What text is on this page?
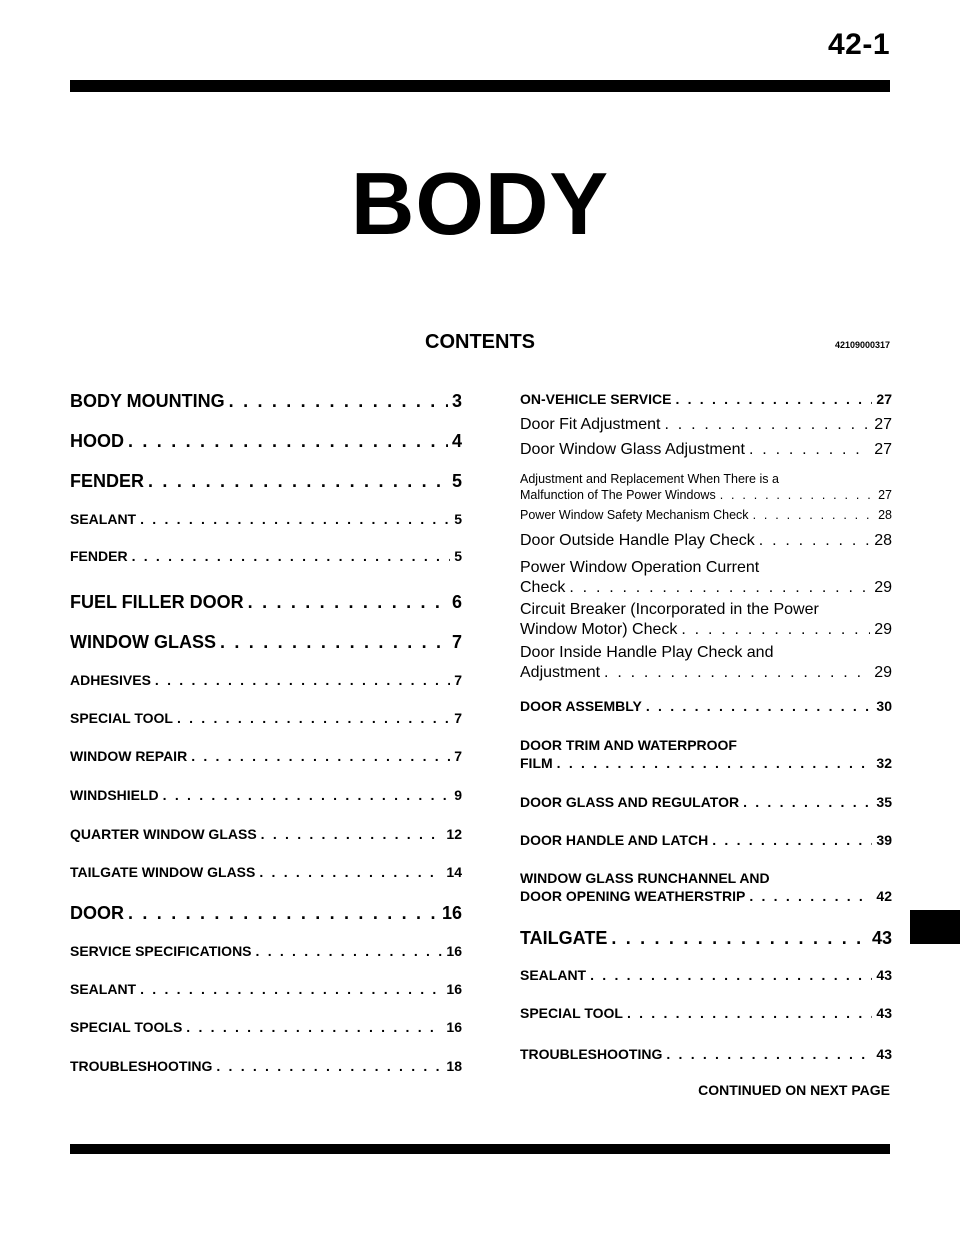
42-1
BODY
CONTENTS	42109000317
BODY MOUNTING . . .	3
HOOD . . .	4
FENDER . . .	5
SEALANT . . .	5
FENDER . . .	5
FUEL FILLER DOOR . . .	6
WINDOW GLASS . . .	7
ADHESIVES . . .	7
SPECIAL TOOL . . .	7
WINDOW REPAIR . . .	7
WINDSHIELD . . .	9
QUARTER WINDOW GLASS . . .	12
TAILGATE WINDOW GLASS . . .	14
DOOR . . .	16
SERVICE SPECIFICATIONS . . .	16
SEALANT . . .	16
SPECIAL TOOLS . . .	16
TROUBLESHOOTING . . .	18
ON-VEHICLE SERVICE . . .	27
Door Fit Adjustment . . .	27
Door Window Glass Adjustment . . .	27
Adjustment and Replacement When There is a
Malfunction of The Power Windows . . .	27
Power Window Safety Mechanism Check . . .	28
Door Outside Handle Play Check . . .	28
Power Window Operation Current
Check . . .	29
Circuit Breaker (Incorporated in the Power
Window Motor) Check . . .	29
Door Inside Handle Play Check and
Adjustment . . .	29
DOOR ASSEMBLY . . .	30
DOOR TRIM AND WATERPROOF
FILM . . .	32
DOOR GLASS AND REGULATOR . . .	35
DOOR HANDLE AND LATCH . . .	39
WINDOW GLASS RUNCHANNEL AND
DOOR OPENING WEATHERSTRIP . . .	42
TAILGATE . . .	43
SEALANT . . .	43
SPECIAL TOOL . . .	43
TROUBLESHOOTING . . .	43
CONTINUED ON NEXT PAGE
